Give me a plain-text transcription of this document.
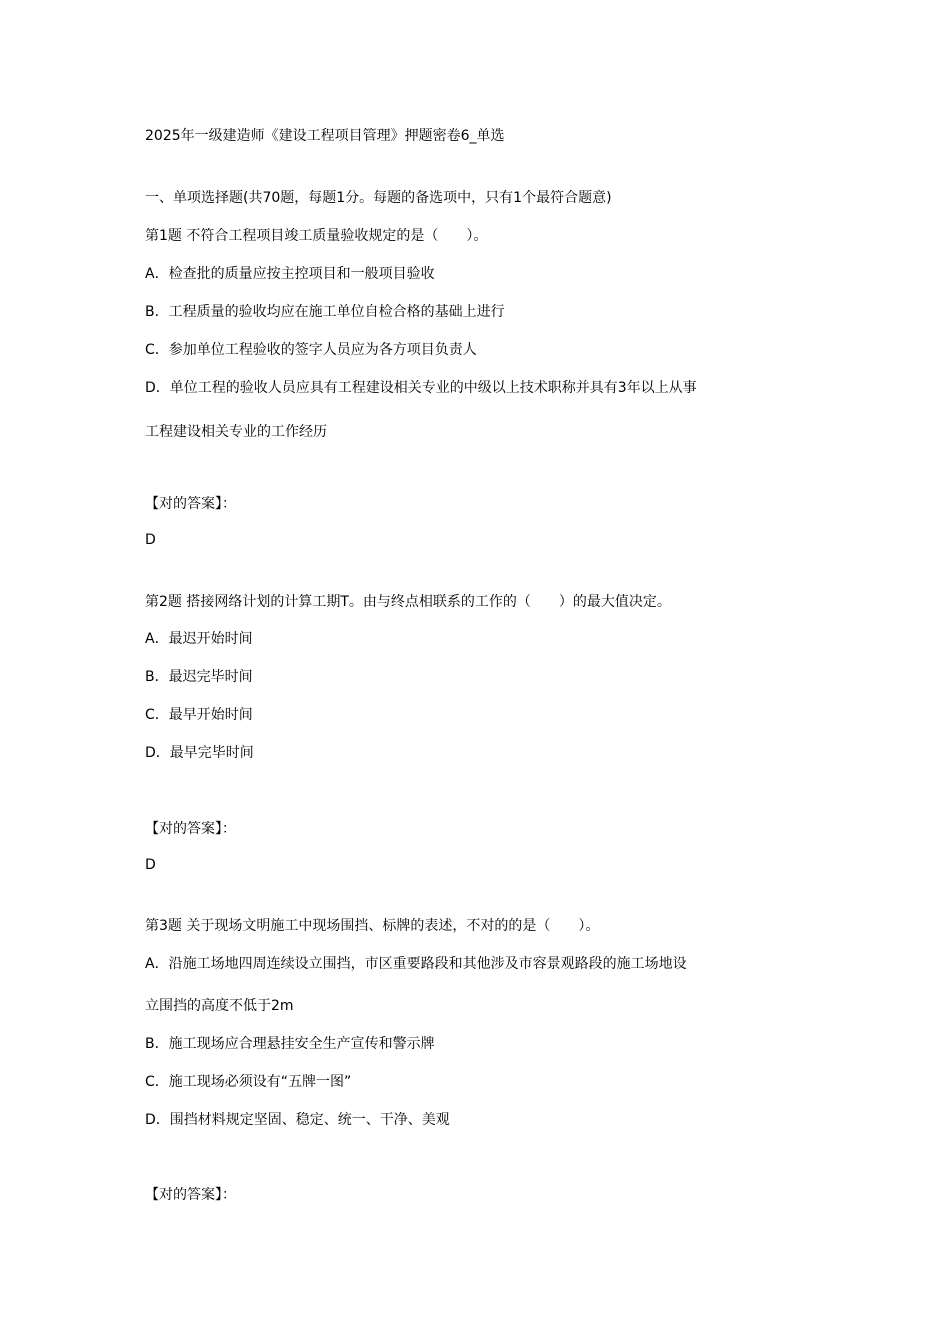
2025年一级建造师《建设工程项目管理》押题密卷6_单选
一、单项选择题(共70题，每题1分。每题的备选项中，只有1个最符合题意)
第1题 不符合工程项目竣工质量验收规定的是（　　）。
A．检查批的质量应按主控项目和一般项目验收
B．工程质量的验收均应在施工单位自检合格的基础上进行
C．参加单位工程验收的签字人员应为各方项目负责人
D．单位工程的验收人员应具有工程建设相关专业的中级以上技术职称并具有3年以上从事
工程建设相关专业的工作经历
【对的答案】：
D
第2题 搭接网络计划的计算工期T。由与终点相联系的工作的（　　）的最大值决定。
A．最迟开始时间
B．最迟完毕时间
C．最早开始时间
D．最早完毕时间
【对的答案】：
D
第3题 关于现场文明施工中现场围挡、标牌的表述，不对的的是（　　）。
A．沿施工场地四周连续设立围挡，市区重要路段和其他涉及市容景观路段的施工场地设
立围挡的高度不低于2m
B．施工现场应合理悬挂安全生产宣传和警示牌
C．施工现场必须设有“五牌一图”
D．围挡材料规定坚固、稳定、统一、干净、美观
【对的答案】：
